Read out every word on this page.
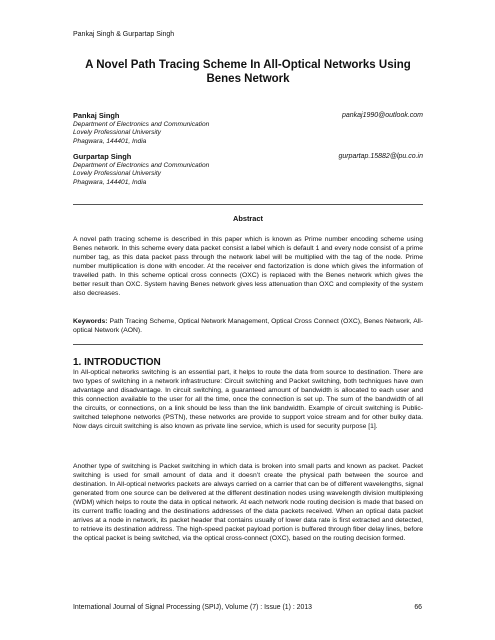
Pankaj Singh & Gurpartap Singh
A Novel Path Tracing Scheme In All-Optical Networks Using
Benes Network
Pankaj Singh	pankaj1990@outlook.com
Department of Electronics and Communication
Lovely Professional University
Phagwara, 144401, India
Gurpartap Singh	gurpartap.15882@lpu.co.in
Department of Electronics and Communication
Lovely Professional University
Phagwara, 144401, India
Abstract

A novel path tracing scheme is described in this paper which is known as Prime number encoding scheme using Benes network. In this scheme every data packet consist a label which is default 1 and every node consist of a prime number tag, as this data packet pass through the network label will be multiplied with the tag of the node. Prime number multiplication is done with encoder. At the receiver end factorization is done which gives the information of travelled path. In this scheme optical cross connects (OXC) is replaced with the Benes network which gives the better result than OXC. System having Benes network gives less attenuation than OXC and complexity of the system also decreases.

Keywords: Path Tracing Scheme, Optical Network Management, Optical Cross Connect (OXC), Benes Network, All-optical Network (AON).

1. INTRODUCTION

In All-optical networks switching is an essential part, it helps to route the data from source to destination. There are two types of switching in a network infrastructure: Circuit switching and Packet switching, both techniques have own advantage and disadvantage. In circuit switching, a guaranteed amount of bandwidth is allocated to each user and this connection available to the user for all the time, once the connection is set up. The sum of the bandwidth of all the circuits, or connections, on a link should be less than the link bandwidth. Example of circuit switching is Public-switched telephone networks (PSTN), these networks are provide to support voice stream and for other bulky data. Now days circuit switching is also known as private line service, which is used for security purpose [1].

Another type of switching is Packet switching in which data is broken into small parts and known as packet. Packet switching is used for small amount of data and it doesn’t create the physical path between the source and destination. In All-optical networks packets are always carried on a carrier that can be of different wavelengths, signal generated from one source can be delivered at the different destination nodes using wavelength division multiplexing (WDM) which helps to route the data in optical network. At each network node routing decision is made that based on its current traffic loading and the destinations addresses of the data packets received. When an optical data packet arrives at a node in network, its packet header that contains usually of lower data rate is first extracted and detected, to retrieve its destination address. The high-speed packet payload portion is buffered through fiber delay lines, before the optical packet is being switched, via the optical cross-connect (OXC), based on the routing decision formed.

International Journal of Signal Processing (SPIJ), Volume (7) : Issue (1) : 2013	66
